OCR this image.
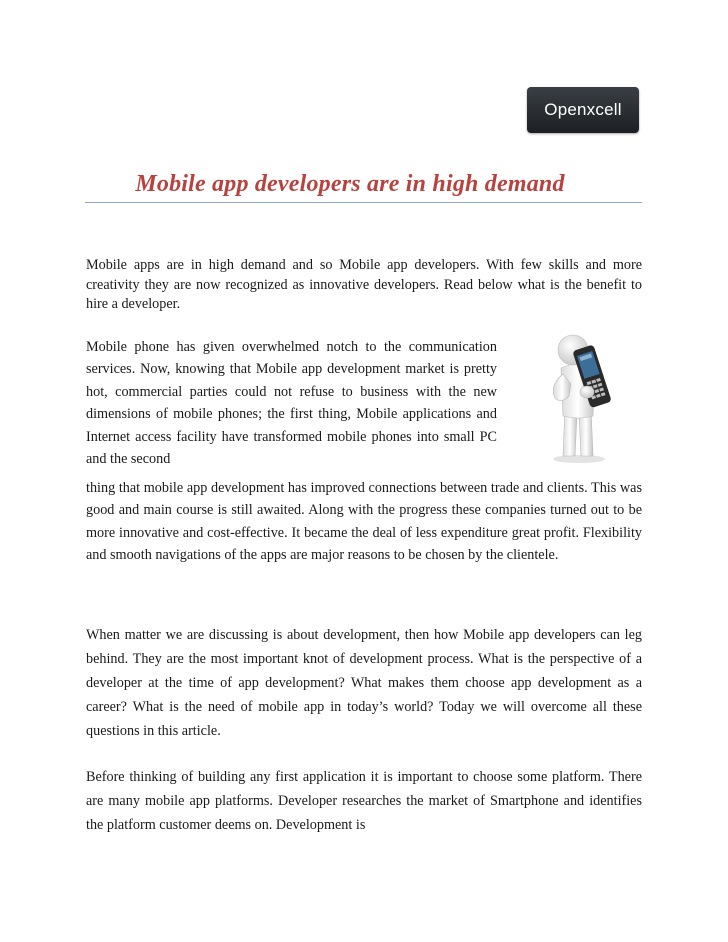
Openxcell
Mobile app developers are in high demand
Mobile apps are in high demand and so Mobile app developers. With few skills and more creativity they are now recognized as innovative developers. Read below what is the benefit to hire a developer.
Mobile phone has given overwhelmed notch to the communication services. Now, knowing that Mobile app development market is pretty hot, commercial parties could not refuse to business with the new dimensions of mobile phones; the first thing, Mobile applications and Internet access facility have transformed mobile phones into small PC and the second
thing that mobile app development has improved connections between trade and clients. This was good and main course is still awaited. Along with the progress these companies turned out to be more innovative and cost-effective. It became the deal of less expenditure great profit. Flexibility and smooth navigations of the apps are major reasons to be chosen by the clientele.
When matter we are discussing is about development, then how Mobile app developers can leg behind. They are the most important knot of development process. What is the perspective of a developer at the time of app development? What makes them choose app development as a career? What is the need of mobile app in today’s world? Today we will overcome all these questions in this article.
Before thinking of building any first application it is important to choose some platform. There are many mobile app platforms. Developer researches the market of Smartphone and identifies the platform customer deems on. Development is
